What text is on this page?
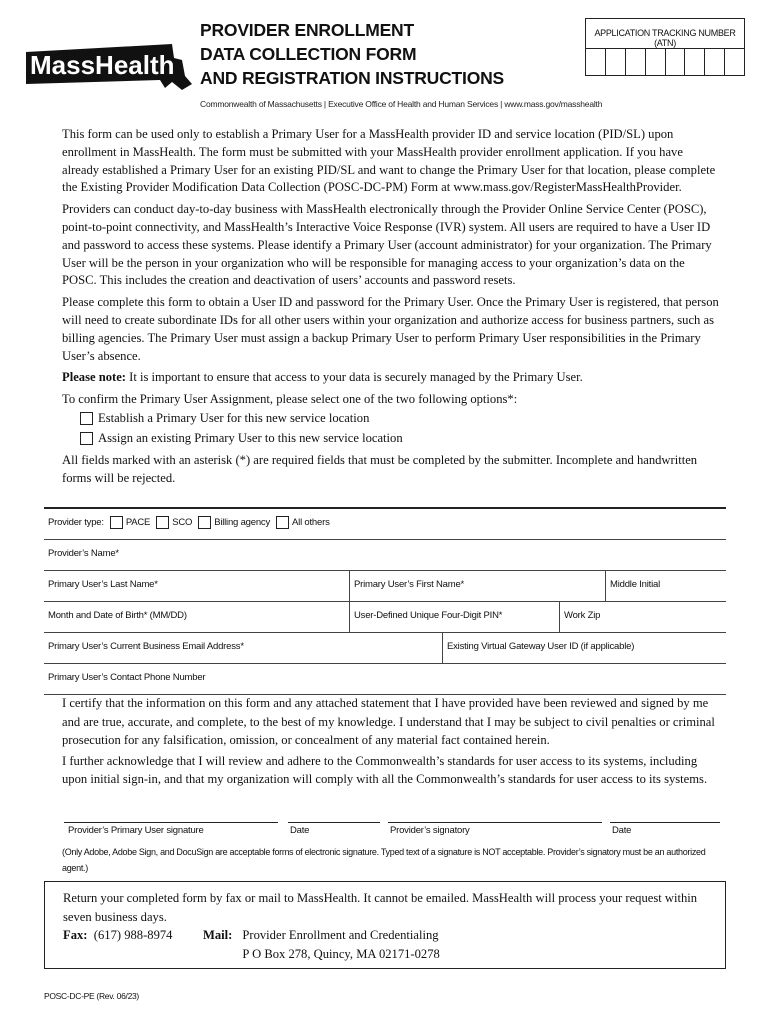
MassHealth
PROVIDER ENROLLMENT
DATA COLLECTION FORM
AND REGISTRATION INSTRUCTIONS
APPLICATION TRACKING NUMBER (ATN)
Commonwealth of Massachusetts | Executive Office of Health and Human Services | www.mass.gov/masshealth

This form can be used only to establish a Primary User for a MassHealth provider ID and service location (PID/SL) upon enrollment in MassHealth. The form must be submitted with your MassHealth provider enrollment application. If you have already established a Primary User for an existing PID/SL and want to change the Primary User for that location, please complete the Existing Provider Modification Data Collection (POSC-DC-PM) Form at www.mass.gov/RegisterMassHealthProvider.

Providers can conduct day-to-day business with MassHealth electronically through the Provider Online Service Center (POSC), point-to-point connectivity, and MassHealth’s Interactive Voice Response (IVR) system. All users are required to have a User ID and password to access these systems. Please identify a Primary User (account administrator) for your organization. The Primary User will be the person in your organization who will be responsible for managing access to your organization’s data on the POSC. This includes the creation and deactivation of users’ accounts and password resets.

Please complete this form to obtain a User ID and password for the Primary User. Once the Primary User is registered, that person will need to create subordinate IDs for all other users within your organization and authorize access for business partners, such as billing agencies. The Primary User must assign a backup Primary User to perform Primary User responsibilities in the Primary User’s absence.

Please note: It is important to ensure that access to your data is securely managed by the Primary User.

To confirm the Primary User Assignment, please select one of the two following options*:

Establish a Primary User for this new service location
Assign an existing Primary User to this new service location

All fields marked with an asterisk (*) are required fields that must be completed by the submitter. Incomplete and handwritten forms will be rejected.

Provider type: PACE SCO Billing agency All others
Provider’s Name*
Primary User’s Last Name*	Primary User’s First Name*	Middle Initial
Month and Date of Birth* (MM/DD)	User-Defined Unique Four-Digit PIN*	Work Zip
Primary User’s Current Business Email Address*	Existing Virtual Gateway User ID (if applicable)
Primary User’s Contact Phone Number

I certify that the information on this form and any attached statement that I have provided have been reviewed and signed by me and are true, accurate, and complete, to the best of my knowledge. I understand that I may be subject to civil penalties or criminal prosecution for any falsification, omission, or concealment of any material fact contained herein.

I further acknowledge that I will review and adhere to the Commonwealth’s standards for user access to its systems, including upon initial sign-in, and that my organization will comply with all the Commonwealth’s standards for user access to its systems.

Provider’s Primary User signature	Date	Provider’s signatory	Date
(Only Adobe, Adobe Sign, and DocuSign are acceptable forms of electronic signature. Typed text of a signature is NOT acceptable. Provider’s signatory must be an authorized agent.)
Return your completed form by fax or mail to MassHealth. It cannot be emailed. MassHealth will process your request within seven business days.
Fax: (617) 988-8974	Mail: Provider Enrollment and Credentialing
P O Box 278, Quincy, MA 02171-0278
POSC-DC-PE (Rev. 06/23)
